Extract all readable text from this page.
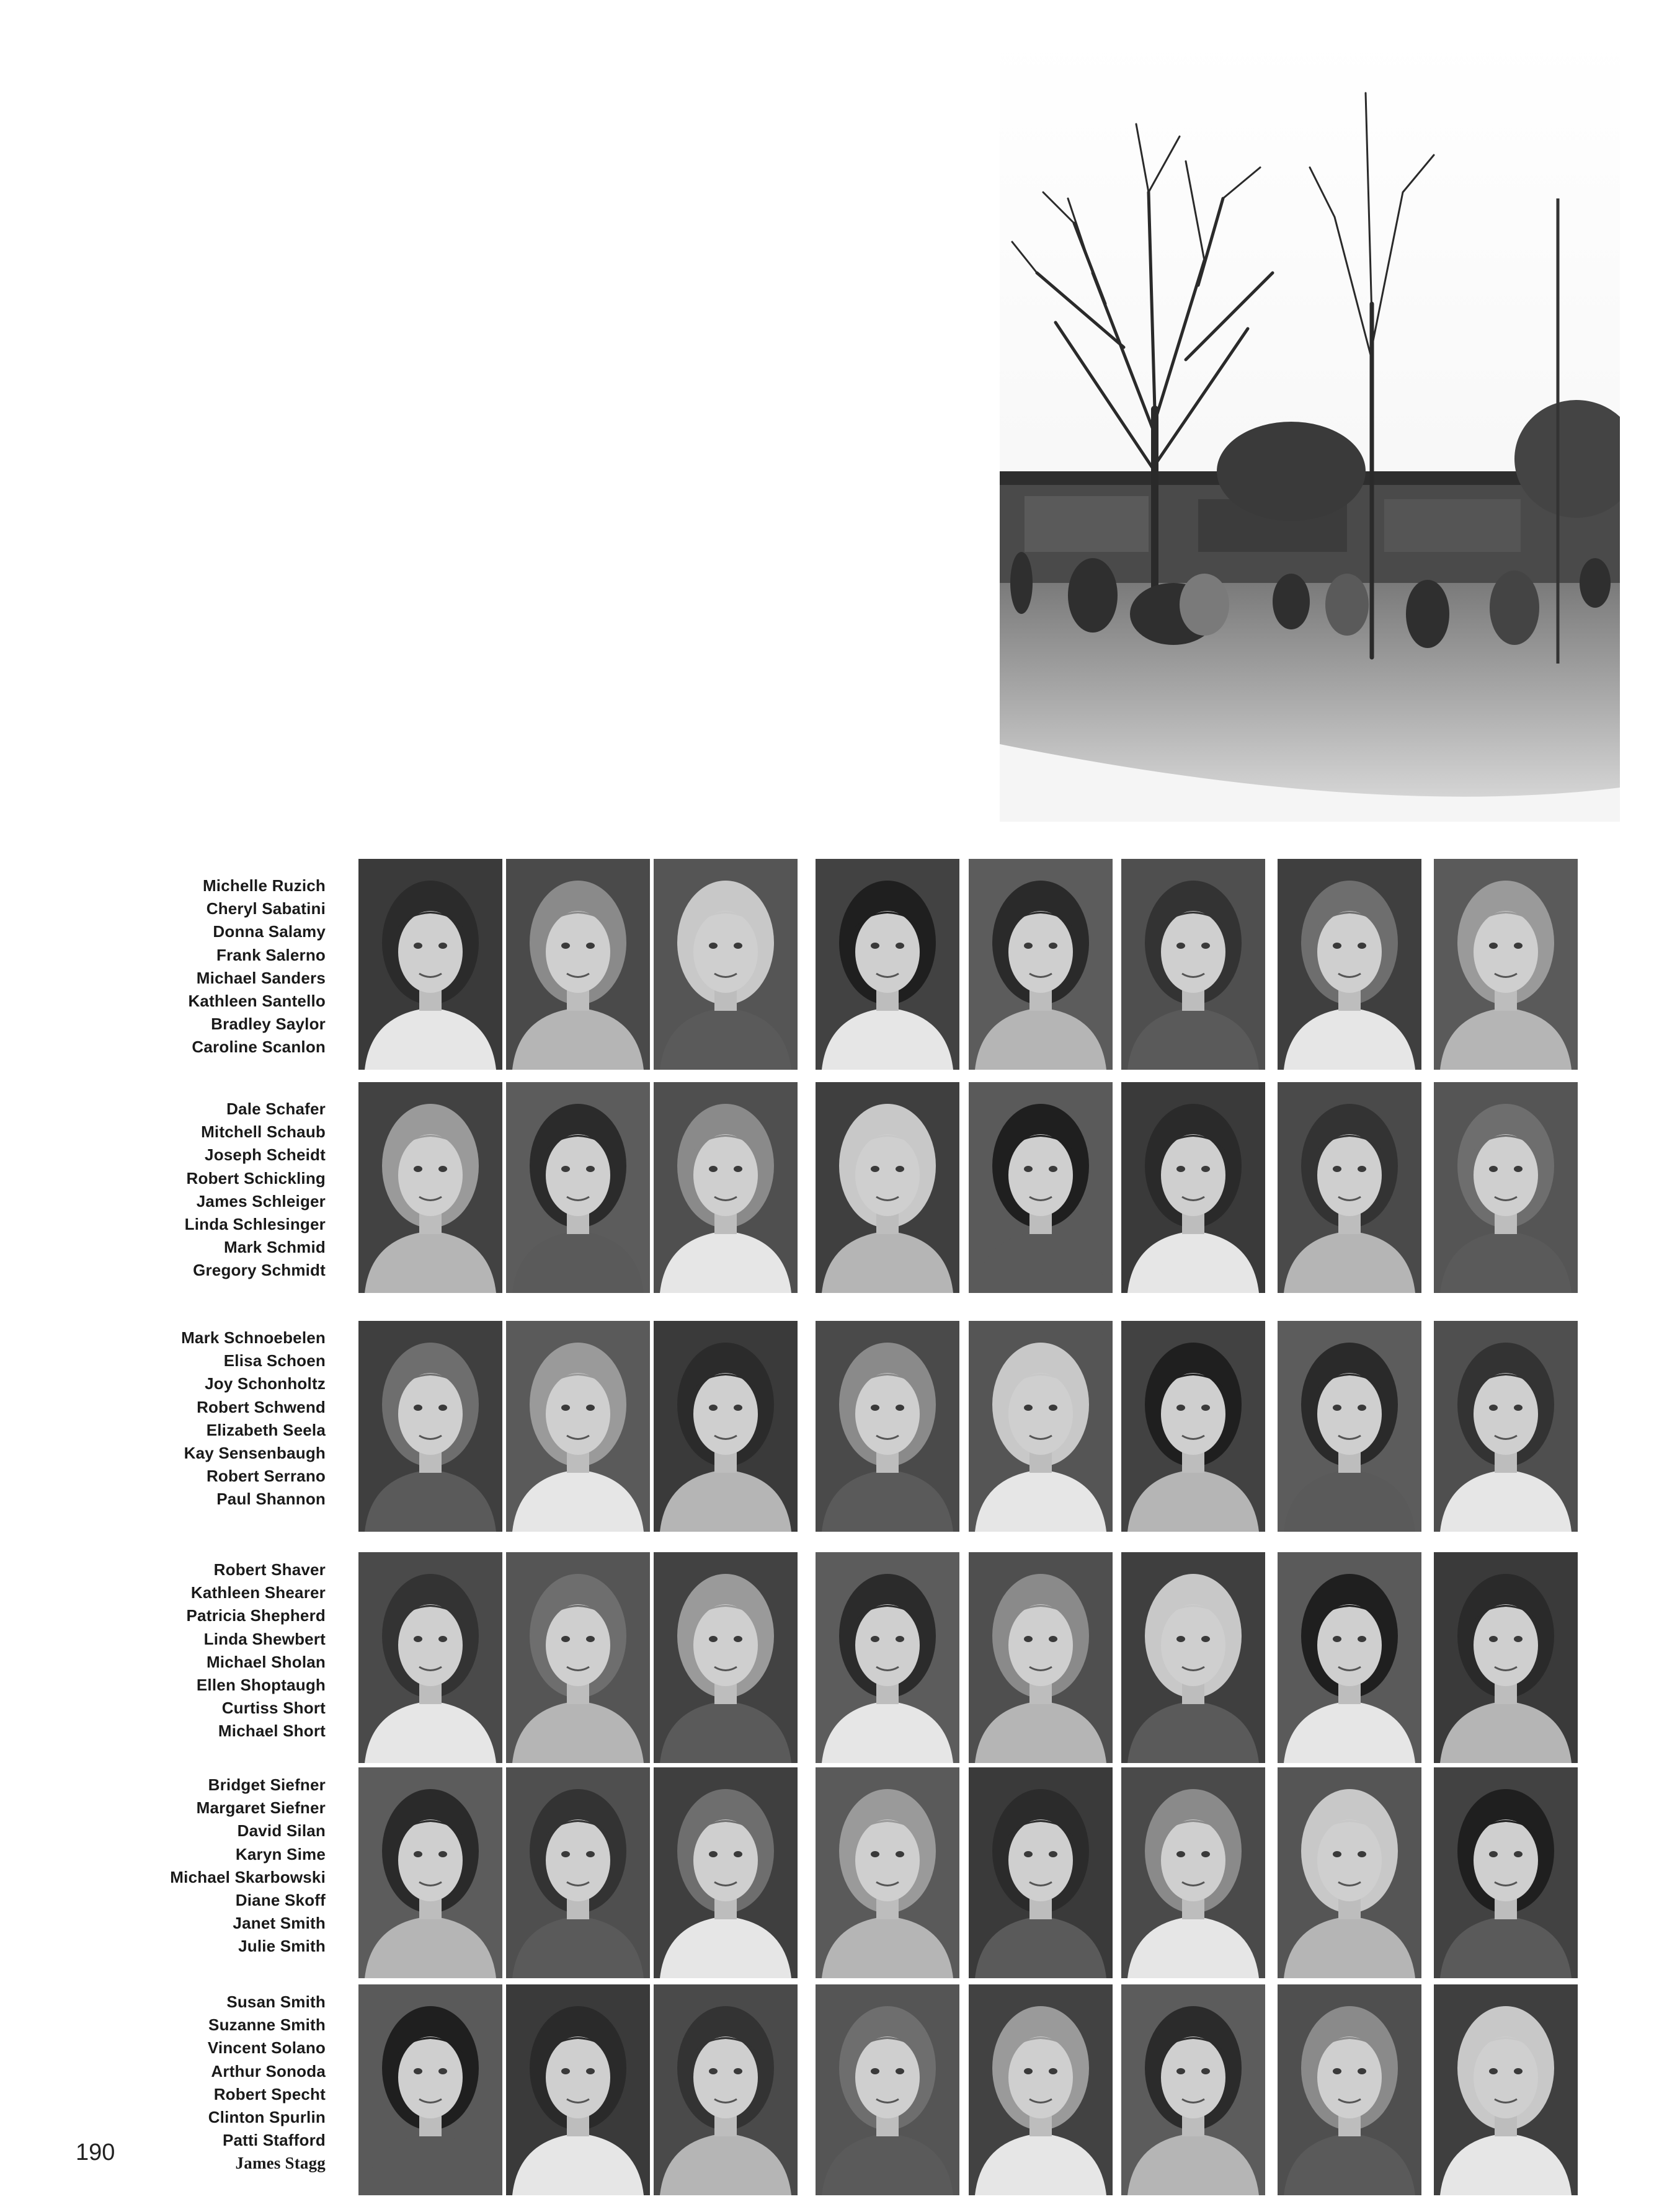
Michelle Ruzich
Cheryl Sabatini
Donna Salamy
Frank Salerno
Michael Sanders
Kathleen Santello
Bradley Saylor
Caroline Scanlon
Dale Schafer
Mitchell Schaub
Joseph Scheidt
Robert Schickling
James Schleiger
Linda Schlesinger
Mark Schmid
Gregory Schmidt
Mark Schnoebelen
Elisa Schoen
Joy Schonholtz
Robert Schwend
Elizabeth Seela
Kay Sensenbaugh
Robert Serrano
Paul Shannon
Robert Shaver
Kathleen Shearer
Patricia Shepherd
Linda Shewbert
Michael Sholan
Ellen Shoptaugh
Curtiss Short
Michael Short
Bridget Siefner
Margaret Siefner
David Silan
Karyn Sime
Michael Skarbowski
Diane Skoff
Janet Smith
Julie Smith
Susan Smith
Suzanne Smith
Vincent Solano
Arthur Sonoda
Robert Specht
Clinton Spurlin
Patti Stafford
James Stagg
190
